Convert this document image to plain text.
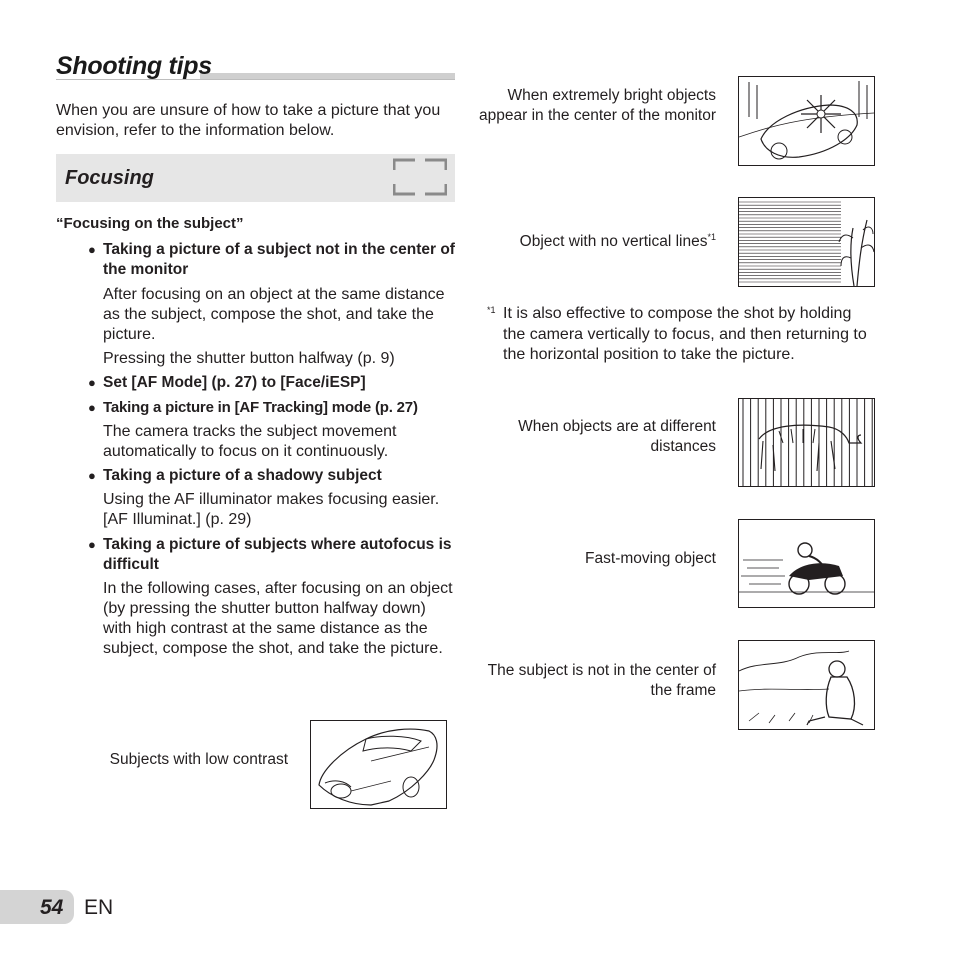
Shooting tips
When you are unsure of how to take a picture that you envision, refer to the information below.
Focusing
“Focusing on the subject”
● Taking a picture of a subject not in the center of the monitor
After focusing on an object at the same distance as the subject, compose the shot, and take the picture.
Pressing the shutter button halfway (p. 9)
● Set [AF Mode] (p. 27) to [Face/iESP]
● Taking a picture in [AF Tracking] mode (p. 27)
The camera tracks the subject movement automatically to focus on it continuously.
● Taking a picture of a shadowy subject
Using the AF illuminator makes focusing easier. [AF Illuminat.] (p. 29)
● Taking a picture of subjects where autofocus is difficult
In the following cases, after focusing on an object (by pressing the shutter button halfway down) with high contrast at the same distance as the subject, compose the shot, and take the picture.
Subjects with low contrast
When extremely bright objects appear in the center of the monitor
Object with no vertical lines$^{*1}$
*1 It is also effective to compose the shot by holding the camera vertically to focus, and then returning to the horizontal position to take the picture.
When objects are at different distances
Fast-moving object
The subject is not in the center of the frame
54 EN
